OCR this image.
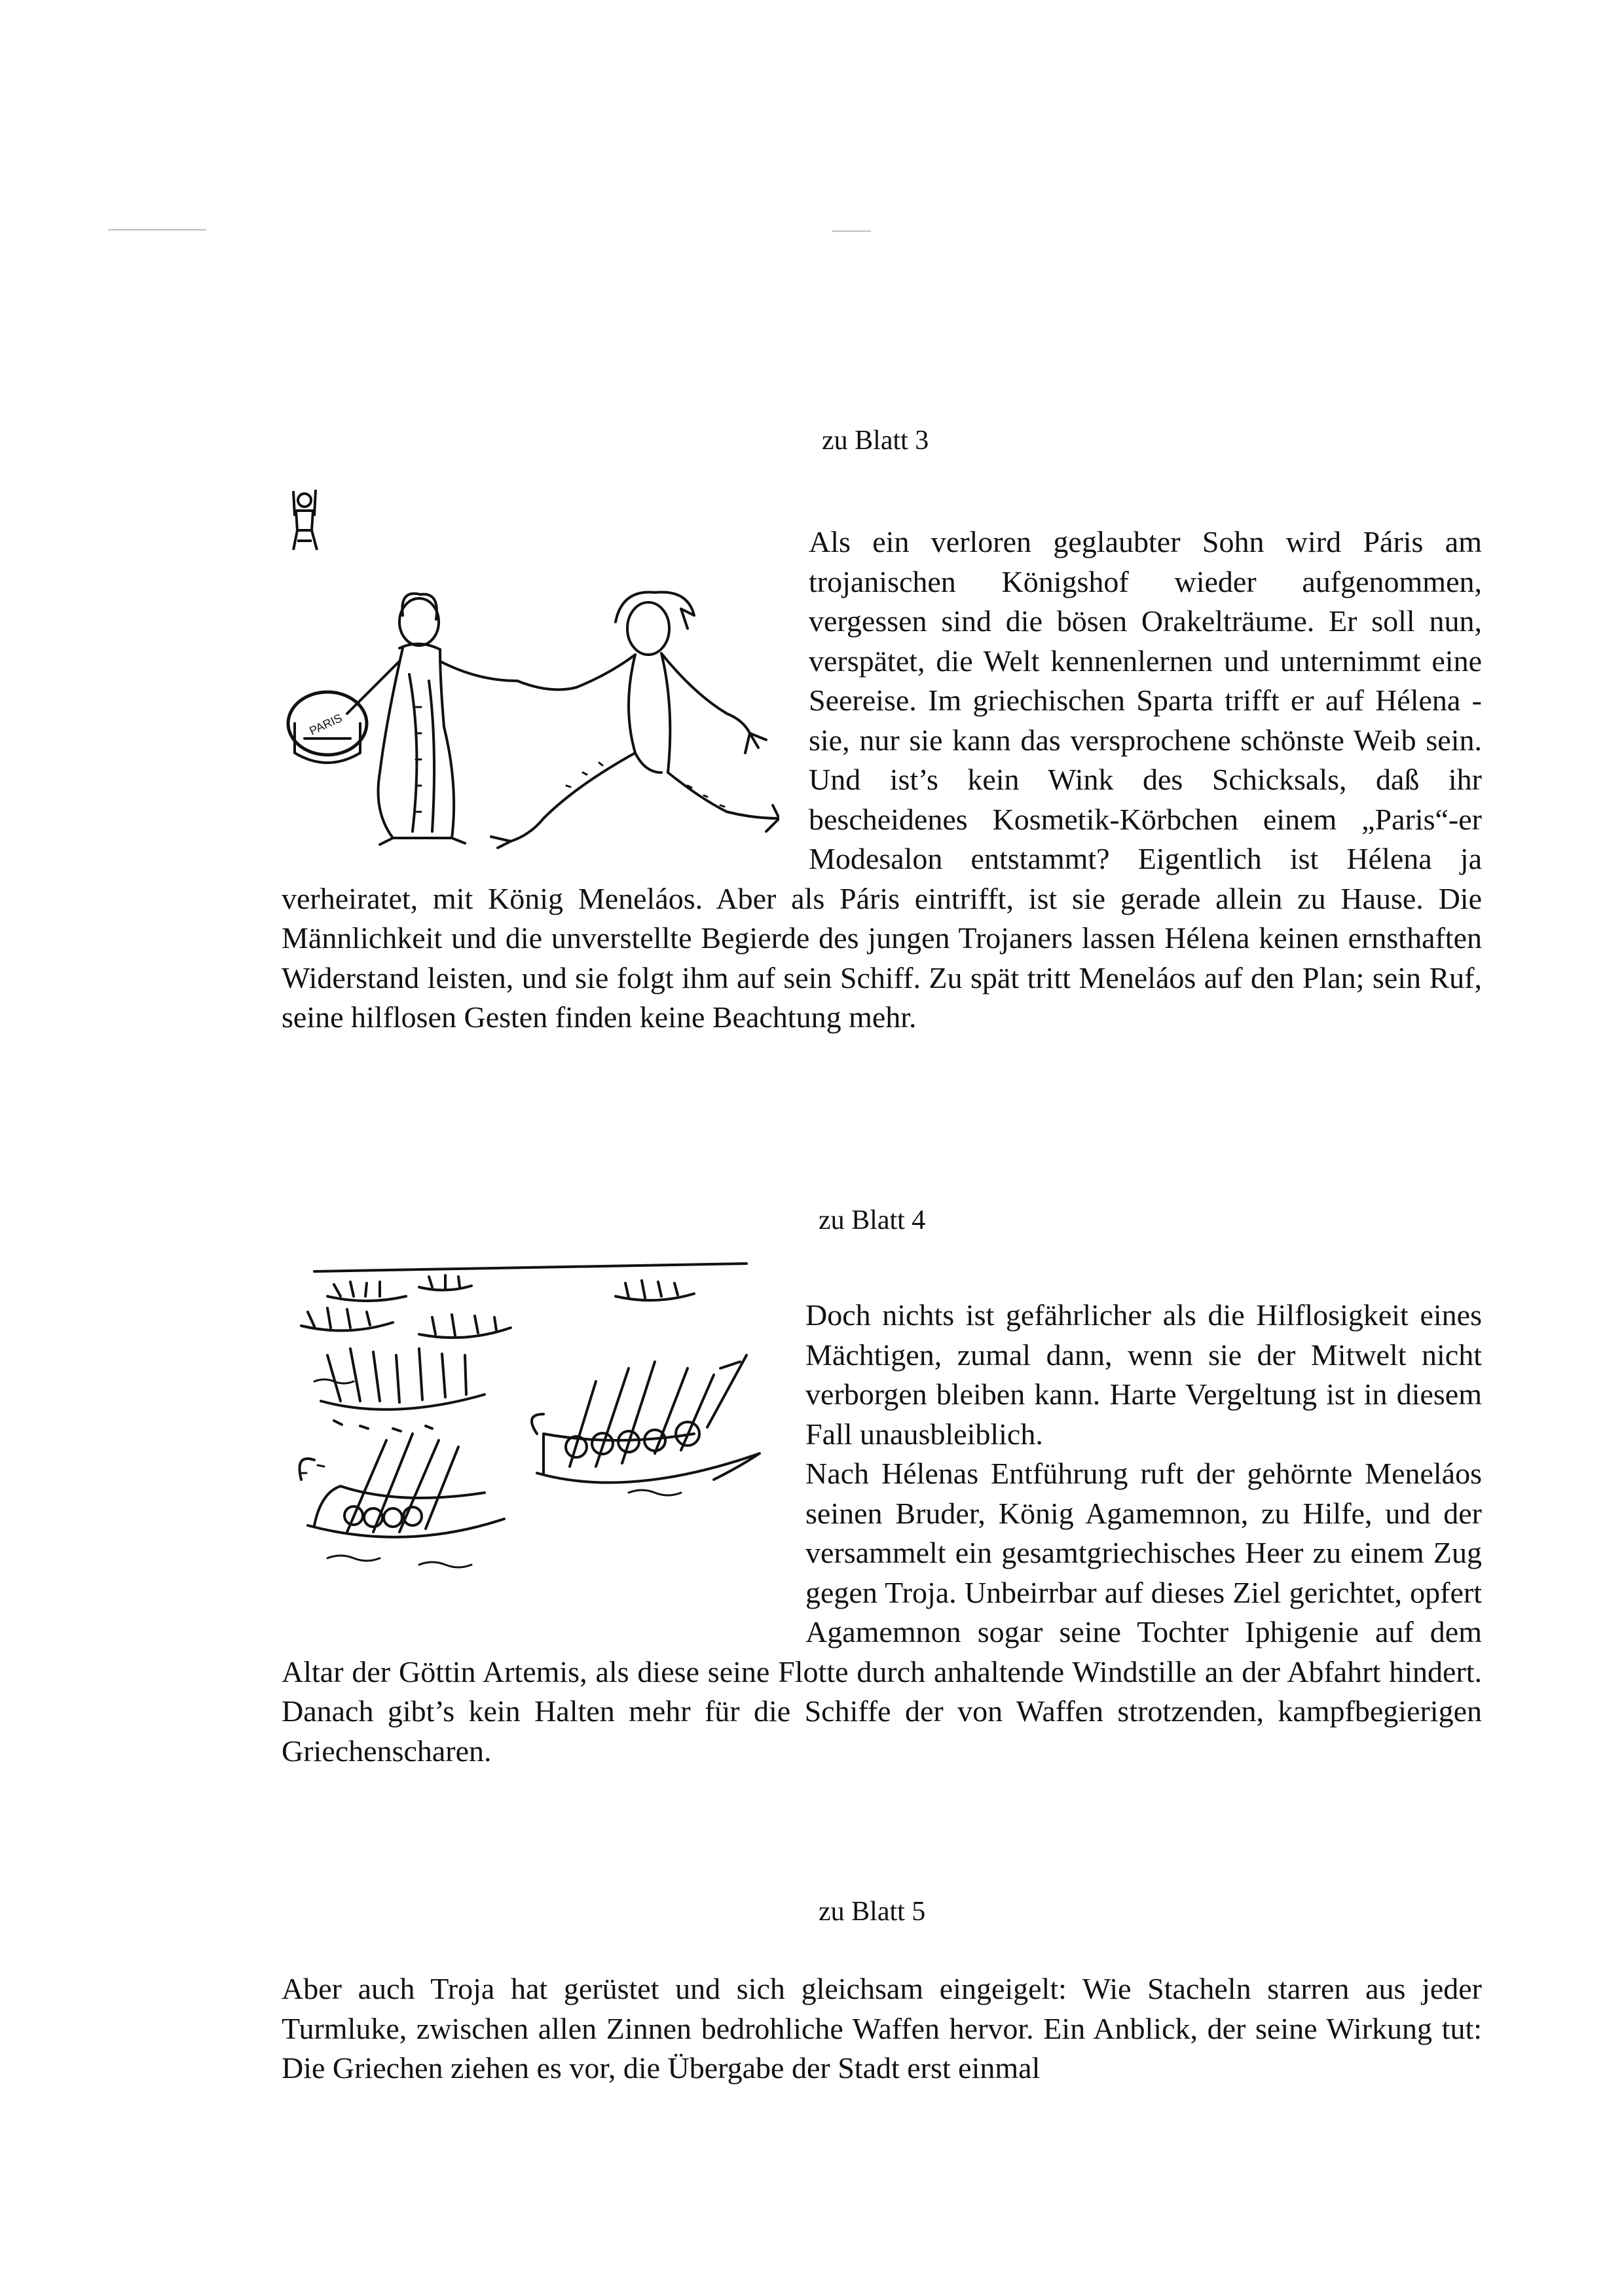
zu Blatt 3
PARIS

Als ein verloren geglaubter Sohn wird Páris am trojanischen Königshof wieder aufgenommen, vergessen sind die bösen Orakelträume. Er soll nun, verspätet, die Welt kennenlernen und unternimmt eine Seereise. Im griechischen Sparta trifft er auf Hélena - sie, nur sie kann das versprochene schönste Weib sein. Und ist’s kein Wink des Schicksals, daß ihr bescheidenes Kosmetik-Körbchen einem „Paris“-er Modesalon entstammt? Eigentlich ist Hélena ja verheiratet, mit König Meneláos. Aber als Páris eintrifft, ist sie gerade allein zu Hause. Die Männlichkeit und die unverstellte Begierde des jungen Trojaners lassen Hélena keinen ernsthaften Widerstand leisten, und sie folgt ihm auf sein Schiff. Zu spät tritt Meneláos auf den Plan; sein Ruf, seine hilflosen Gesten finden keine Beachtung mehr.

zu Blatt 4

Doch nichts ist gefährlicher als die Hilflosigkeit eines Mächtigen, zumal dann, wenn sie der Mitwelt nicht verborgen bleiben kann. Harte Vergeltung ist in diesem Fall unausbleiblich.

Nach Hélenas Entführung ruft der gehörnte Meneláos seinen Bruder, König Agamemnon, zu Hilfe, und der versammelt ein gesamtgriechisches Heer zu einem Zug gegen Troja. Unbeirrbar auf dieses Ziel gerichtet, opfert Agamemnon sogar seine Tochter Iphigenie auf dem Altar der Göttin Artemis, als diese seine Flotte durch anhaltende Windstille an der Abfahrt hindert. Danach gibt’s kein Halten mehr für die Schiffe der von Waffen strotzenden, kampfbegierigen Griechenscharen.

zu Blatt 5

Aber auch Troja hat gerüstet und sich gleichsam eingeigelt: Wie Stacheln starren aus jeder Turmluke, zwischen allen Zinnen bedrohliche Waffen hervor. Ein Anblick, der seine Wirkung tut: Die Griechen ziehen es vor, die Übergabe der Stadt erst einmal
